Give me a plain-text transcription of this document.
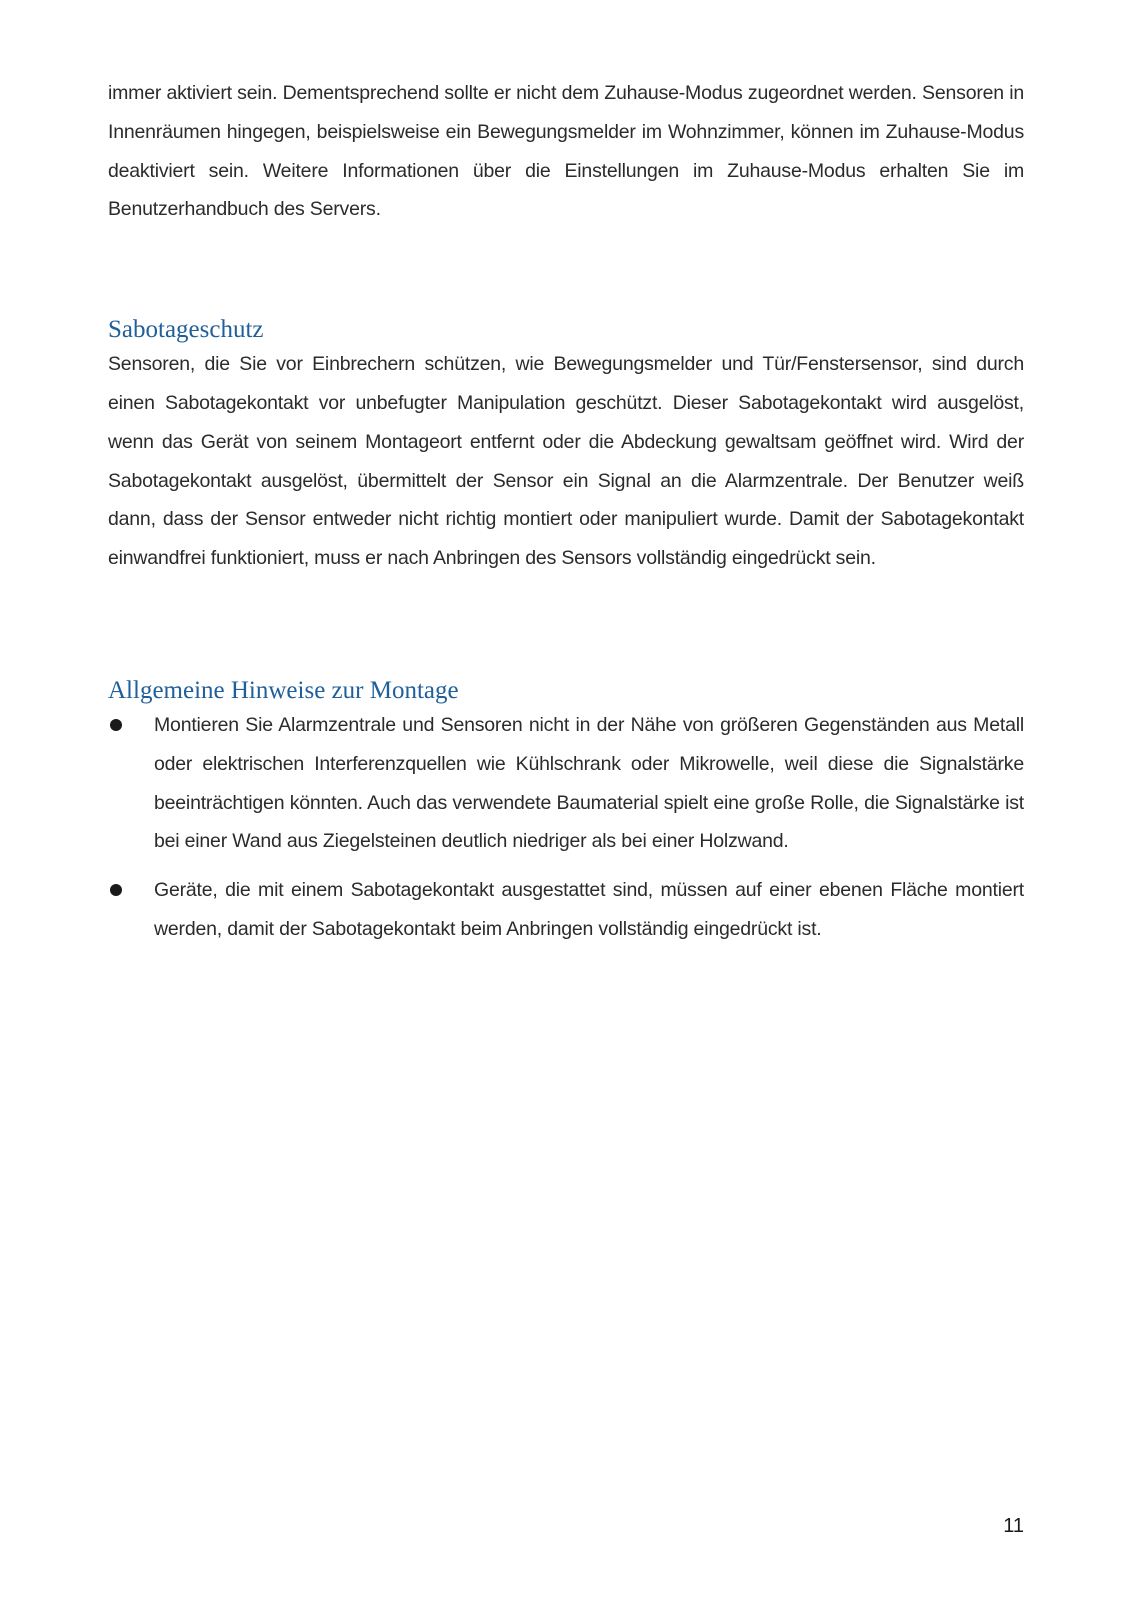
immer aktiviert sein. Dementsprechend sollte er nicht dem Zuhause-Modus zugeordnet werden. Sensoren in Innenräumen hingegen, beispielsweise ein Bewegungsmelder im Wohnzimmer, können im Zuhause-Modus deaktiviert sein. Weitere Informationen über die Einstellungen im Zuhause-Modus erhalten Sie im Benutzerhandbuch des Servers.

Sabotageschutz

Sensoren, die Sie vor Einbrechern schützen, wie Bewegungsmelder und Tür/Fenstersensor, sind durch einen Sabotagekontakt vor unbefugter Manipulation geschützt. Dieser Sabotagekontakt wird ausgelöst, wenn das Gerät von seinem Montageort entfernt oder die Abdeckung gewaltsam geöffnet wird. Wird der Sabotagekontakt ausgelöst, übermittelt der Sensor ein Signal an die Alarmzentrale. Der Benutzer weiß dann, dass der Sensor entweder nicht richtig montiert oder manipuliert wurde. Damit der Sabotagekontakt einwandfrei funktioniert, muss er nach Anbringen des Sensors vollständig eingedrückt sein.

Allgemeine Hinweise zur Montage

Montieren Sie Alarmzentrale und Sensoren nicht in der Nähe von größeren Gegenständen aus Metall oder elektrischen Interferenzquellen wie Kühlschrank oder Mikrowelle, weil diese die Signalstärke beeinträchtigen könnten. Auch das verwendete Baumaterial spielt eine große Rolle, die Signalstärke ist bei einer Wand aus Ziegelsteinen deutlich niedriger als bei einer Holzwand.

Geräte, die mit einem Sabotagekontakt ausgestattet sind, müssen auf einer ebenen Fläche montiert werden, damit der Sabotagekontakt beim Anbringen vollständig eingedrückt ist.

11
